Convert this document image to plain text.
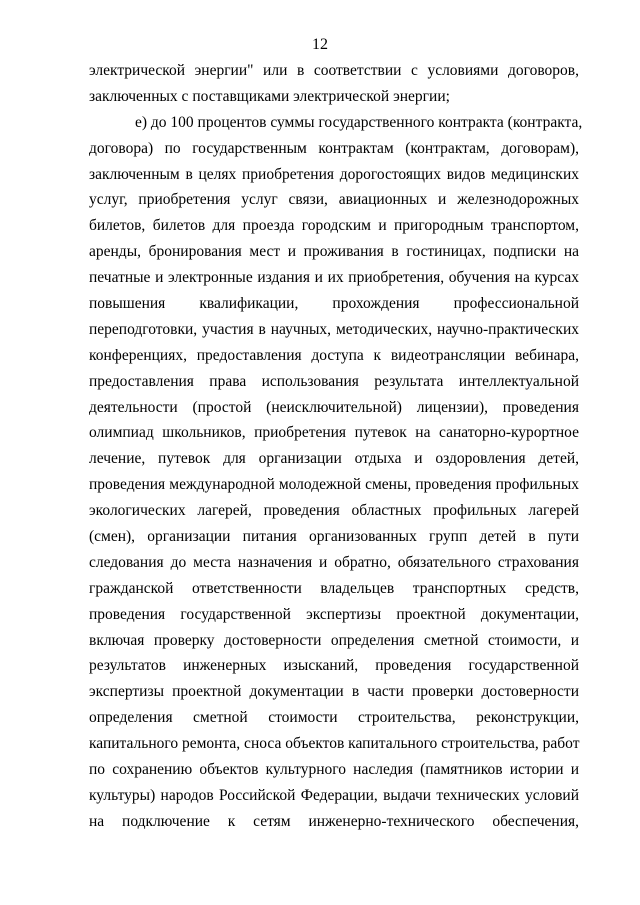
12
электрической энергии" или в соответствии с условиями договоров,
заключенных с поставщиками электрической энергии;
е) до 100 процентов суммы государственного контракта (контракта,
договора) по государственным контрактам (контрактам, договорам),
заключенным в целях приобретения дорогостоящих видов медицинских
услуг, приобретения услуг связи, авиационных и железнодорожных
билетов, билетов для проезда городским и пригородным транспортом,
аренды, бронирования мест и проживания в гостиницах, подписки на
печатные и электронные издания и их приобретения, обучения на курсах
повышения квалификации, прохождения профессиональной
переподготовки, участия в научных, методических, научно-практических
конференциях, предоставления доступа к видеотрансляции вебинара,
предоставления права использования результата интеллектуальной
деятельности (простой (неисключительной) лицензии), проведения
олимпиад школьников, приобретения путевок на санаторно-курортное
лечение, путевок для организации отдыха и оздоровления детей,
проведения международной молодежной смены, проведения профильных
экологических лагерей, проведения областных профильных лагерей
(смен), организации питания организованных групп детей в пути
следования до места назначения и обратно, обязательного страхования
гражданской ответственности владельцев транспортных средств,
проведения государственной экспертизы проектной документации,
включая проверку достоверности определения сметной стоимости, и
результатов инженерных изысканий, проведения государственной
экспертизы проектной документации в части проверки достоверности
определения сметной стоимости строительства, реконструкции,
капитального ремонта, сноса объектов капитального строительства, работ
по сохранению объектов культурного наследия (памятников истории и
культуры) народов Российской Федерации, выдачи технических условий
на подключение к сетям инженерно-технического обеспечения,
